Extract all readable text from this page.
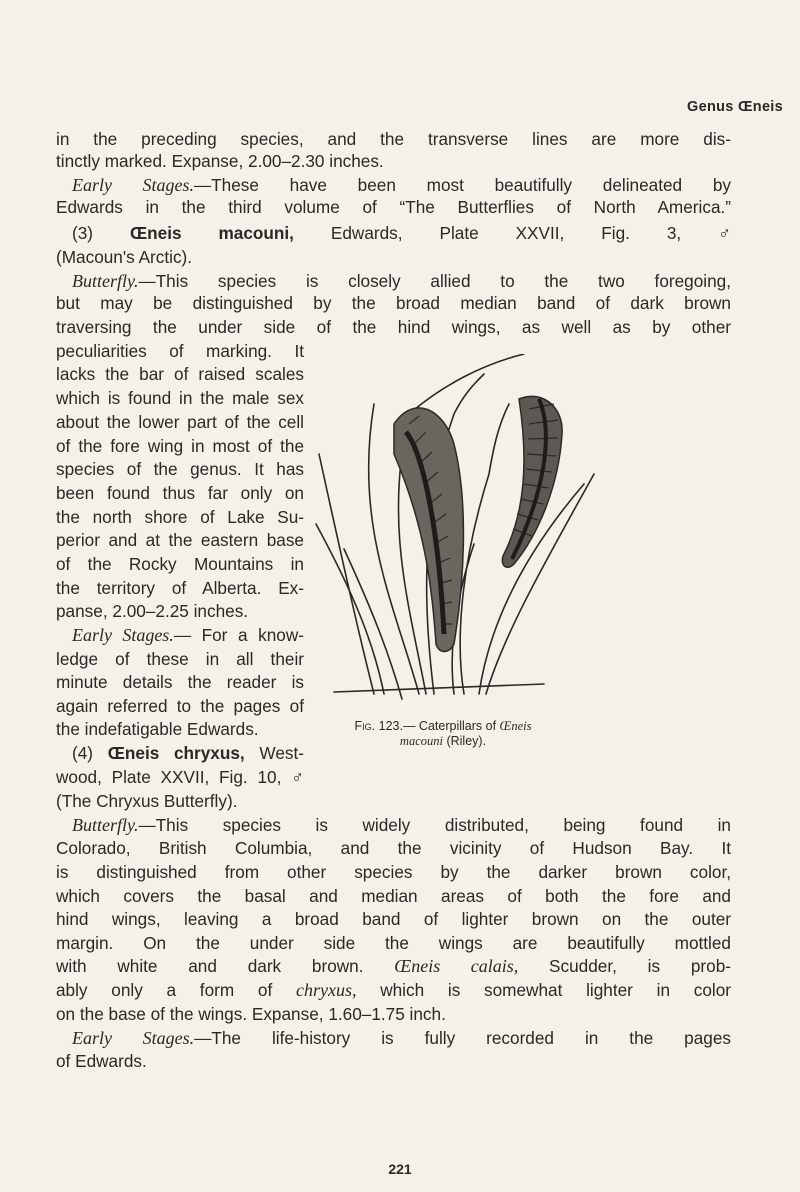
Genus Œneis
in the preceding species, and the transverse lines are more dis-
tinctly marked. Expanse, 2.00–2.30 inches.
Early Stages.—These have been most beautifully delineated by
Edwards in the third volume of “The Butterflies of North America.”
(3) Œneis macouni, Edwards, Plate XXVII, Fig. 3, ♂
(Macoun's Arctic).
Butterfly.—This species is closely allied to the two foregoing,
but may be distinguished by the broad median band of dark brown
traversing the under side of the hind wings, as well as by other
peculiarities of marking. It
lacks the bar of raised scales
which is found in the male sex
about the lower part of the cell
of the fore wing in most of the
species of the genus. It has
been found thus far only on
the north shore of Lake Su-
perior and at the eastern base
of the Rocky Mountains in
the territory of Alberta. Ex-
panse, 2.00–2.25 inches.
Early Stages.— For a know-
ledge of these in all their
minute details the reader is
again referred to the pages of
the indefatigable Edwards.
(4) Œneis chryxus, West-
wood, Plate XXVII, Fig. 10, ♂
(The Chryxus Butterfly).
Butterfly.—This species is widely distributed, being found in
Colorado, British Columbia, and the vicinity of Hudson Bay. It
is distinguished from other species by the darker brown color,
which covers the basal and median areas of both the fore and
hind wings, leaving a broad band of lighter brown on the outer
margin. On the under side the wings are beautifully mottled
with white and dark brown. Œneis calais, Scudder, is prob-
ably only a form of chryxus, which is somewhat lighter in color
on the base of the wings. Expanse, 1.60–1.75 inch.
Early Stages.—The life-history is fully recorded in the pages
of Edwards.
Fig. 123.— Caterpillars of Œneis
macouni (Riley).
221
